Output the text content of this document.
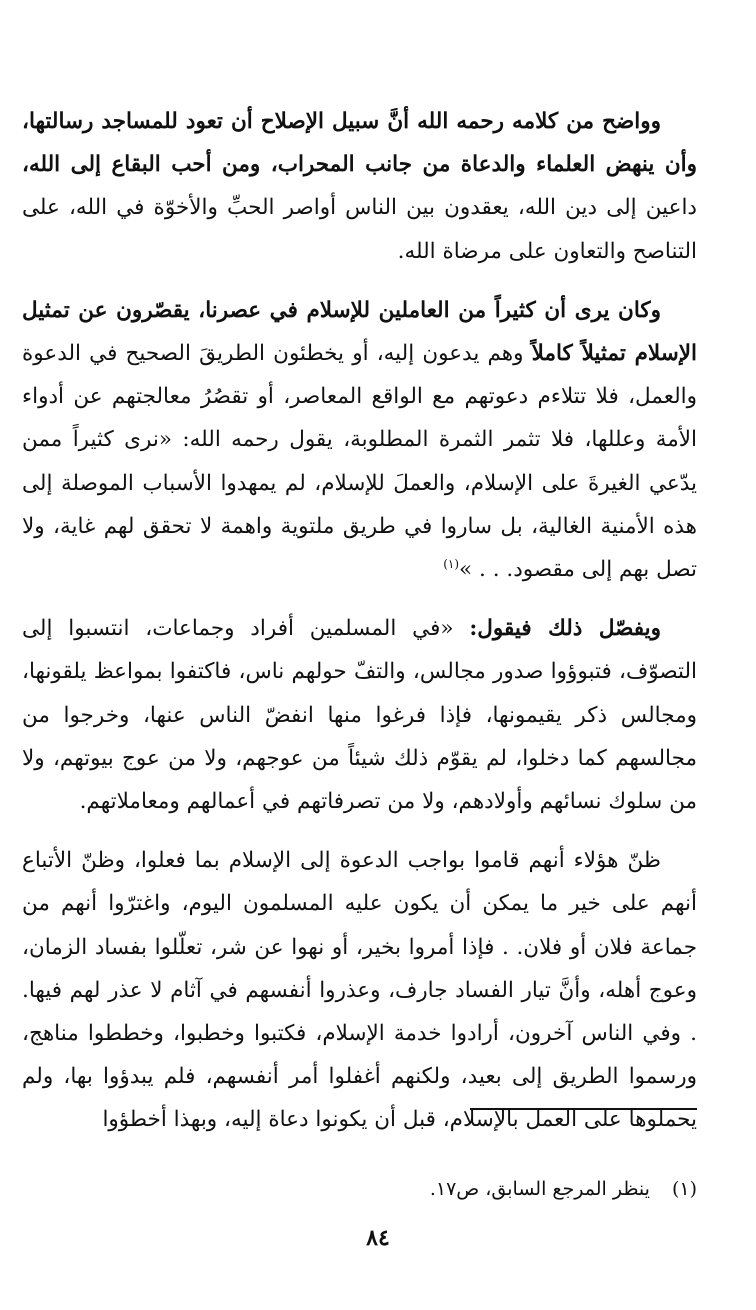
وواضح من كلامه رحمه الله أنَّ سبيل الإصلاح أن تعود للمساجد رسالتها، وأن ينهض العلماء والدعاة من جانب المحراب، ومن أحب البقاع إلى الله، داعين إلى دين الله، يعقدون بين الناس أواصر الحبِّ والأخوّة في الله، على التناصح والتعاون على مرضاة الله.

وكان يرى أن كثيراً من العاملين للإسلام في عصرنا، يقصّرون عن تمثيل الإسلام تمثيلاً كاملاً وهم يدعون إليه، أو يخطئون الطريقَ الصحيح في الدعوة والعمل، فلا تتلاءم دعوتهم مع الواقع المعاصر، أو تقصُرُ معالجتهم عن أدواء الأمة وعللها، فلا تثمر الثمرة المطلوبة، يقول رحمه الله: «نرى كثيراً ممن يدّعي الغيرةَ على الإسلام، والعملَ للإسلام، لم يمهدوا الأسباب الموصلة إلى هذه الأمنية الغالية، بل ساروا في طريق ملتوية واهمة لا تحقق لهم غاية، ولا تصل بهم إلى مقصود. . . »$^{(١)}$

ويفصّل ذلك فيقول: «في المسلمين أفراد وجماعات، انتسبوا إلى التصوّف، فتبوؤوا صدور مجالس، والتفّ حولهم ناس، فاكتفوا بمواعظ يلقونها، ومجالس ذكر يقيمونها، فإذا فرغوا منها انفضّ الناس عنها، وخرجوا من مجالسهم كما دخلوا، لم يقوّم ذلك شيئاً من عوجهم، ولا من عوج بيوتهم، ولا من سلوك نسائهم وأولادهم، ولا من تصرفاتهم في أعمالهم ومعاملاتهم.

ظنّ هؤلاء أنهم قاموا بواجب الدعوة إلى الإسلام بما فعلوا، وظنّ الأتباع أنهم على خير ما يمكن أن يكون عليه المسلمون اليوم، واغترّوا أنهم من جماعة فلان أو فلان. . فإذا أمروا بخير، أو نهوا عن شر، تعلّلوا بفساد الزمان، وعوج أهله، وأنَّ تيار الفساد جارف، وعذروا أنفسهم في آثام لا عذر لهم فيها. . وفي الناس آخرون، أرادوا خدمة الإسلام، فكتبوا وخطبوا، وخططوا مناهج، ورسموا الطريق إلى بعيد، ولكنهم أغفلوا أمر أنفسهم، فلم يبدؤوا بها، ولم يحملوها على العمل بالإسلام، قبل أن يكونوا دعاة إليه، وبهذا أخطؤوا

(١)ينظر المرجع السابق، ص١٧.
٨٤
